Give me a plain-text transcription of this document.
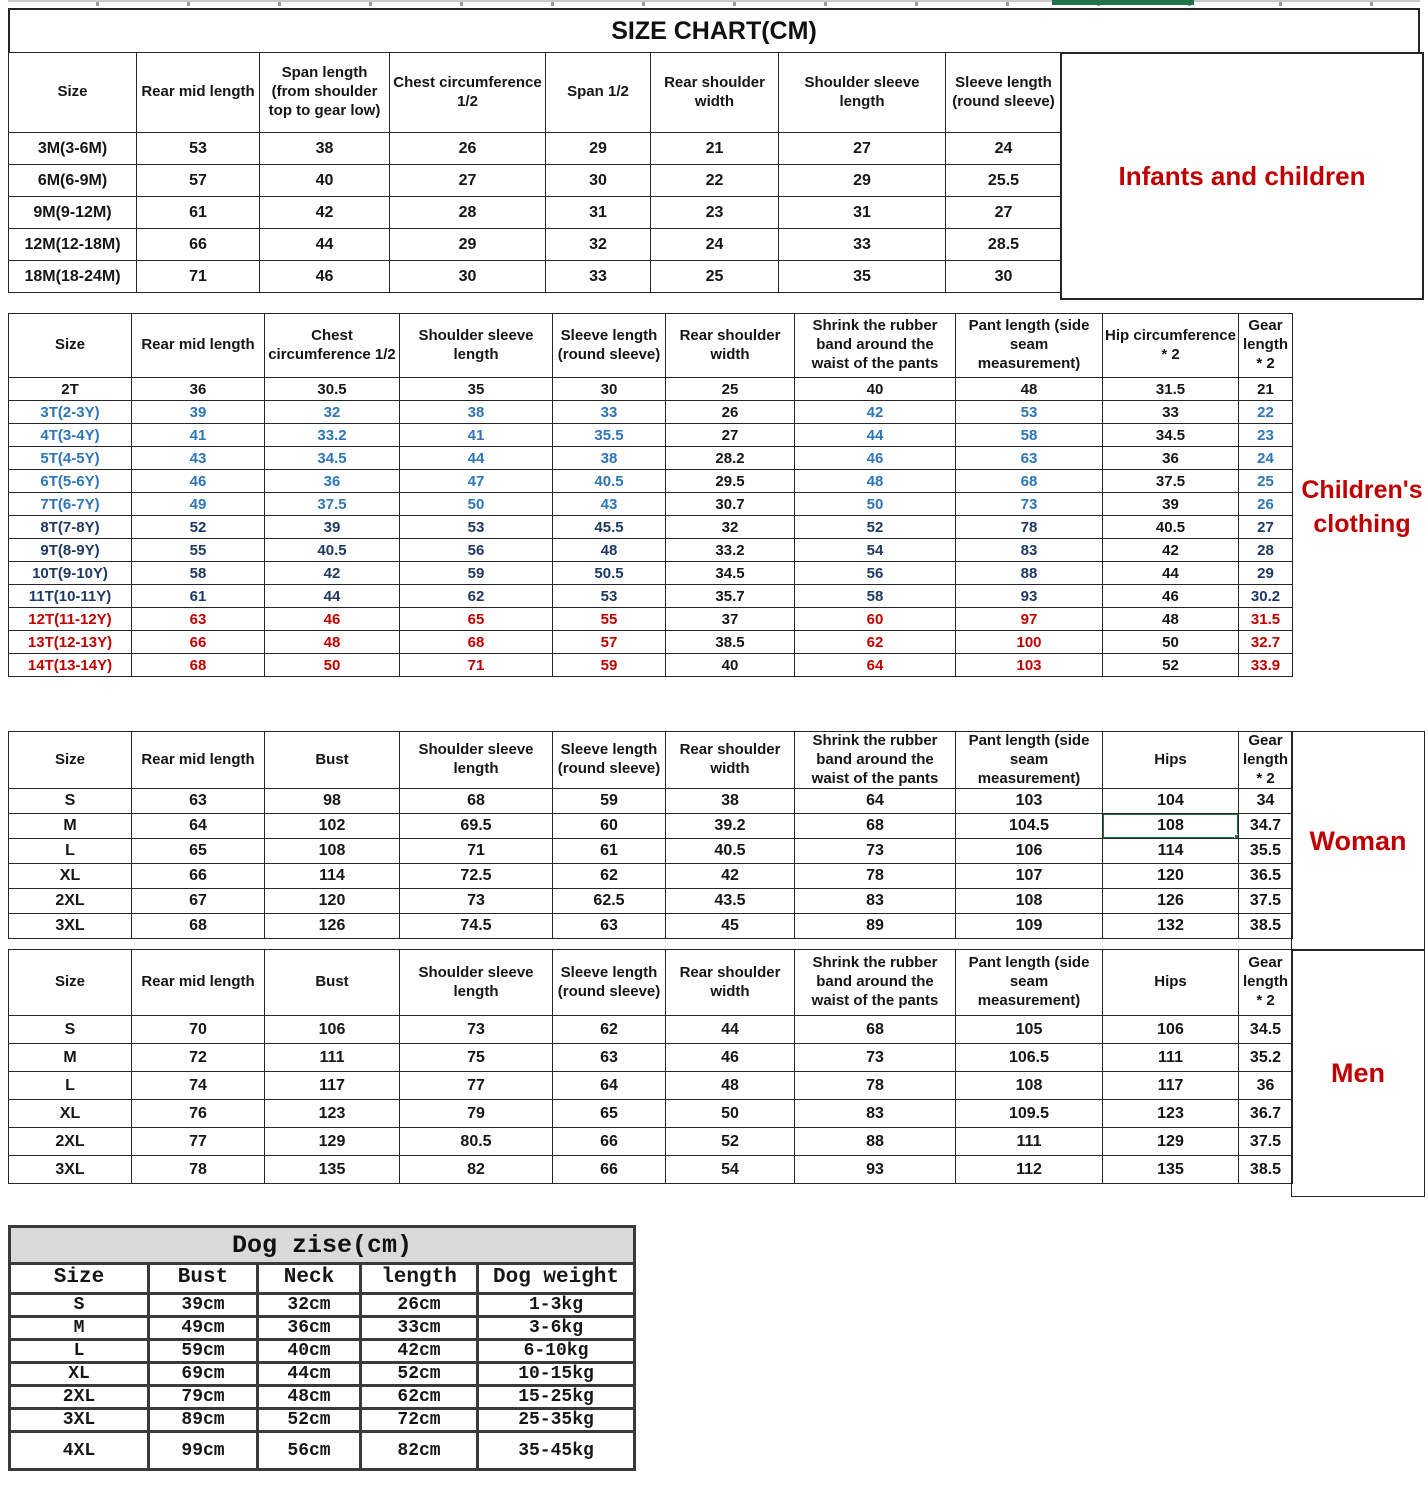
SIZE CHART(CM)
Size	Rear mid length	Span length (from shoulder top to gear low)	Chest circumference 1/2	Span 1/2	Rear shoulder width	Shoulder sleeve length	Sleeve length (round sleeve)
3M(3-6M)	53	38	26	29	21	27	24
6M(6-9M)	57	40	27	30	22	29	25.5
9M(9-12M)	61	42	28	31	23	31	27
12M(12-18M)	66	44	29	32	24	33	28.5
18M(18-24M)	71	46	30	33	25	35	30
Infants and children
Size	Rear mid length	Chest circumference 1/2	Shoulder sleeve length	Sleeve length (round sleeve)	Rear shoulder width	Shrink the rubber band around the waist of the pants	Pant length (side seam measurement)	Hip circumference * 2	Gear length * 2
2T	36	30.5	35	30	25	40	48	31.5	21
3T(2-3Y)	39	32	38	33	26	42	53	33	22
4T(3-4Y)	41	33.2	41	35.5	27	44	58	34.5	23
5T(4-5Y)	43	34.5	44	38	28.2	46	63	36	24
6T(5-6Y)	46	36	47	40.5	29.5	48	68	37.5	25
7T(6-7Y)	49	37.5	50	43	30.7	50	73	39	26
8T(7-8Y)	52	39	53	45.5	32	52	78	40.5	27
9T(8-9Y)	55	40.5	56	48	33.2	54	83	42	28
10T(9-10Y)	58	42	59	50.5	34.5	56	88	44	29
11T(10-11Y)	61	44	62	53	35.7	58	93	46	30.2
12T(11-12Y)	63	46	65	55	37	60	97	48	31.5
13T(12-13Y)	66	48	68	57	38.5	62	100	50	32.7
14T(13-14Y)	68	50	71	59	40	64	103	52	33.9
Children's clothing
Size	Rear mid length	Bust	Shoulder sleeve length	Sleeve length (round sleeve)	Rear shoulder width	Shrink the rubber band around the waist of the pants	Pant length (side seam measurement)	Hips	Gear length * 2
S	63	98	68	59	38	64	103	104	34
M	64	102	69.5	60	39.2	68	104.5	108	34.7
L	65	108	71	61	40.5	73	106	114	35.5
XL	66	114	72.5	62	42	78	107	120	36.5
2XL	67	120	73	62.5	43.5	83	108	126	37.5
3XL	68	126	74.5	63	45	89	109	132	38.5
Woman
Size	Rear mid length	Bust	Shoulder sleeve length	Sleeve length (round sleeve)	Rear shoulder width	Shrink the rubber band around the waist of the pants	Pant length (side seam measurement)	Hips	Gear length * 2
S	70	106	73	62	44	68	105	106	34.5
M	72	111	75	63	46	73	106.5	111	35.2
L	74	117	77	64	48	78	108	117	36
XL	76	123	79	65	50	83	109.5	123	36.7
2XL	77	129	80.5	66	52	88	111	129	37.5
3XL	78	135	82	66	54	93	112	135	38.5
Men
Dog zise(cm)
Size	Bust	Neck	length	Dog weight
S	39cm	32cm	26cm	1-3kg
M	49cm	36cm	33cm	3-6kg
L	59cm	40cm	42cm	6-10kg
XL	69cm	44cm	52cm	10-15kg
2XL	79cm	48cm	62cm	15-25kg
3XL	89cm	52cm	72cm	25-35kg
4XL	99cm	56cm	82cm	35-45kg
